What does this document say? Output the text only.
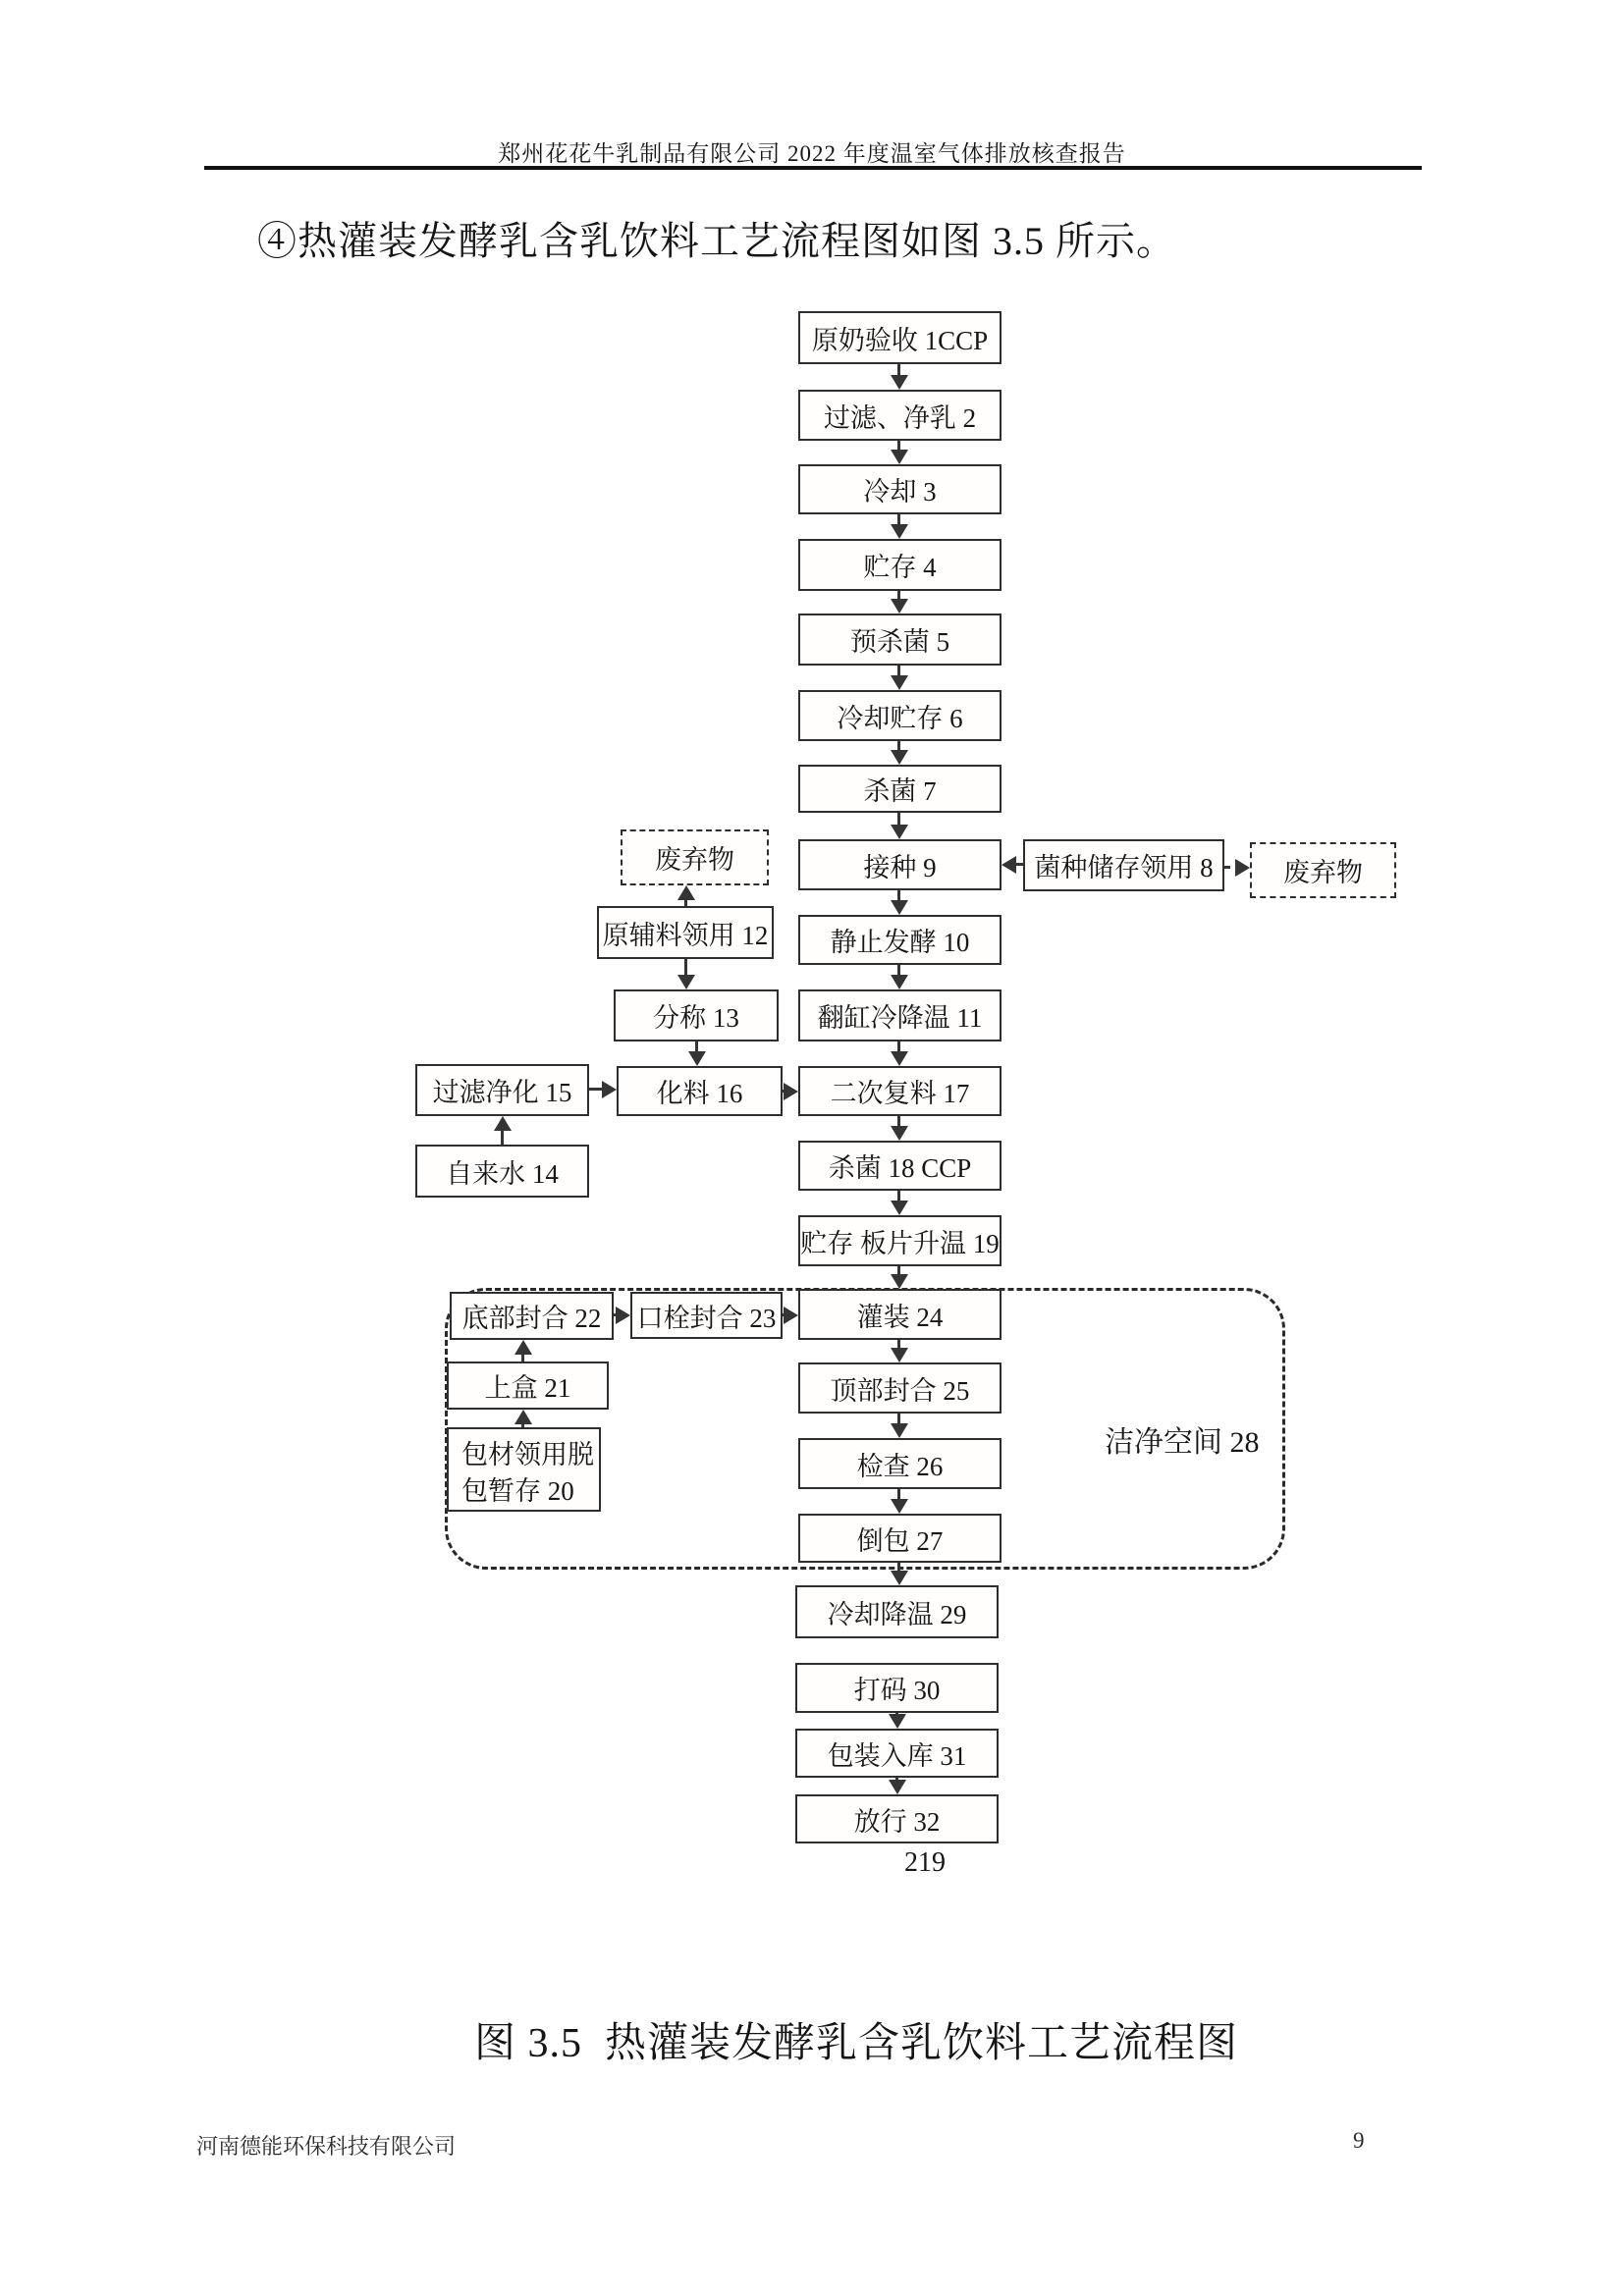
郑州花花牛乳制品有限公司 2022 年度温室气体排放核查报告
④热灌装发酵乳含乳饮料工艺流程图如图 3.5 所示。
洁净空间 28
原奶验收 1CCP
过滤、净乳 2
冷却 3
贮存 4
预杀菌 5
冷却贮存 6
杀菌 7
接种 9
静止发酵 10
翻缸冷降温 11
二次复料 17
杀菌 18 CCP
贮存 板片升温 19
灌装 24
顶部封合 25
检查 26
倒包 27
冷却降温 29
打码 30
包装入库 31
放行 32
废弃物	菌种储存领用 8	废弃物
原辅料领用 12
分称 13
过滤净化 15	化料 16
自来水 14
底部封合 22	口栓封合 23
上盒 21
包材领用脱
包暂存 20
219
图 3.5  热灌装发酵乳含乳饮料工艺流程图
河南德能环保科技有限公司	9
